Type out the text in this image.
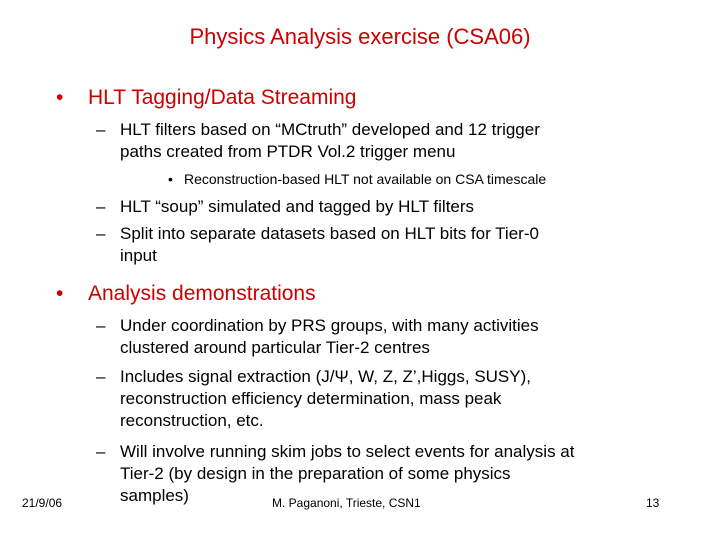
Physics Analysis exercise (CSA06)
• HLT Tagging/Data Streaming
– HLT filters based on “MCtruth” developed and 12 trigger
paths created from PTDR Vol.2 trigger menu
• Reconstruction-based HLT not available on CSA timescale
– HLT “soup” simulated and tagged by HLT filters
– Split into separate datasets based on HLT bits for Tier-0
input
• Analysis demonstrations
– Under coordination by PRS groups, with many activities
clustered around particular Tier-2 centres
– Includes signal extraction (J/Ψ, W, Z, Z’,Higgs, SUSY),
reconstruction efficiency determination, mass peak
reconstruction, etc.
– Will involve running skim jobs to select events for analysis at
Tier-2 (by design in the preparation of some physics
samples)
21/9/06	M. Paganoni, Trieste, CSN1	13
